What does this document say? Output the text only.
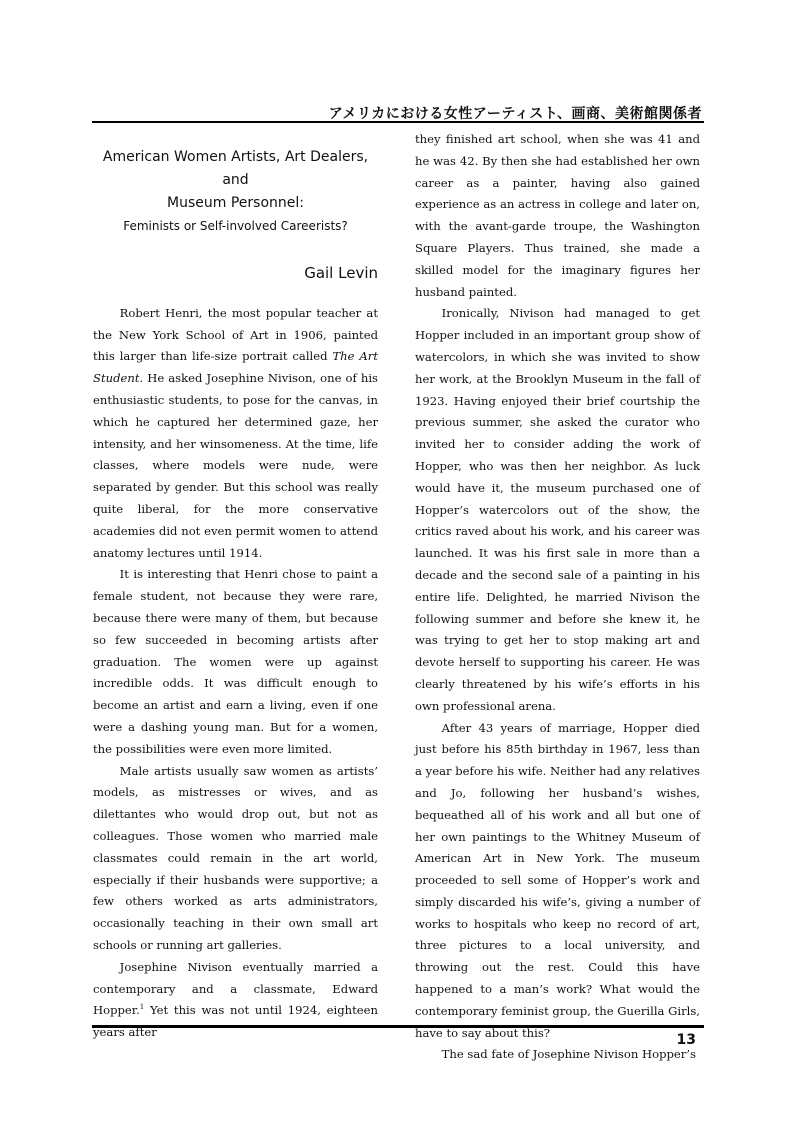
アメリカにおける女性アーティスト、画商、美術館関係者
American Women Artists, Art Dealers, and
Museum Personnel:
Feminists or Self-involved Careerists?
Gail Levin

Robert Henri, the most popular teacher at the New York School of Art in 1906, painted this larger than life-size portrait called The Art Student. He asked Josephine Nivison, one of his enthusiastic students, to pose for the canvas, in which he captured her determined gaze, her intensity, and her winsomeness. At the time, life classes, where models were nude, were separated by gender. But this school was really quite liberal, for the more conservative academies did not even permit women to attend anatomy lectures until 1914.

It is interesting that Henri chose to paint a female student, not because they were rare, because there were many of them, but because so few succeeded in becoming artists after graduation. The women were up against incredible odds. It was difficult enough to become an artist and earn a living, even if one were a dashing young man. But for a women, the possibilities were even more limited.

Male artists usually saw women as artists’ models, as mistresses or wives, and as dilettantes who would drop out, but not as colleagues. Those women who married male classmates could remain in the art world, especially if their husbands were supportive; a few others worked as arts administrators, occasionally teaching in their own small art schools or running art galleries.

Josephine Nivison eventually married a contemporary and a classmate, Edward Hopper.$^1$ Yet this was not until 1924, eighteen years after

they finished art school, when she was 41 and he was 42. By then she had established her own career as a painter, having also gained experience as an actress in college and later on, with the avant-garde troupe, the Washington Square Players. Thus trained, she made a skilled model for the imaginary figures her husband painted.

Ironically, Nivison had managed to get Hopper included in an important group show of watercolors, in which she was invited to show her work, at the Brooklyn Museum in the fall of 1923. Having enjoyed their brief courtship the previous summer, she asked the curator who invited her to consider adding the work of Hopper, who was then her neighbor. As luck would have it, the museum purchased one of Hopper’s watercolors out of the show, the critics raved about his work, and his career was launched. It was his first sale in more than a decade and the second sale of a painting in his entire life. Delighted, he married Nivison the following summer and before she knew it, he was trying to get her to stop making art and devote herself to supporting his career. He was clearly threatened by his wife’s efforts in his own professional arena.

After 43 years of marriage, Hopper died just before his 85th birthday in 1967, less than a year before his wife. Neither had any relatives and Jo, following her husband’s wishes, bequeathed all of his work and all but one of her own paintings to the Whitney Museum of American Art in New York. The museum proceeded to sell some of Hopper’s work and simply discarded his wife’s, giving a number of works to hospitals who keep no record of art, three pictures to a local university, and throwing out the rest. Could this have happened to a man’s work? What would the contemporary feminist group, the Guerilla Girls, have to say about this?

The sad fate of Josephine Nivison Hopper’s

13
